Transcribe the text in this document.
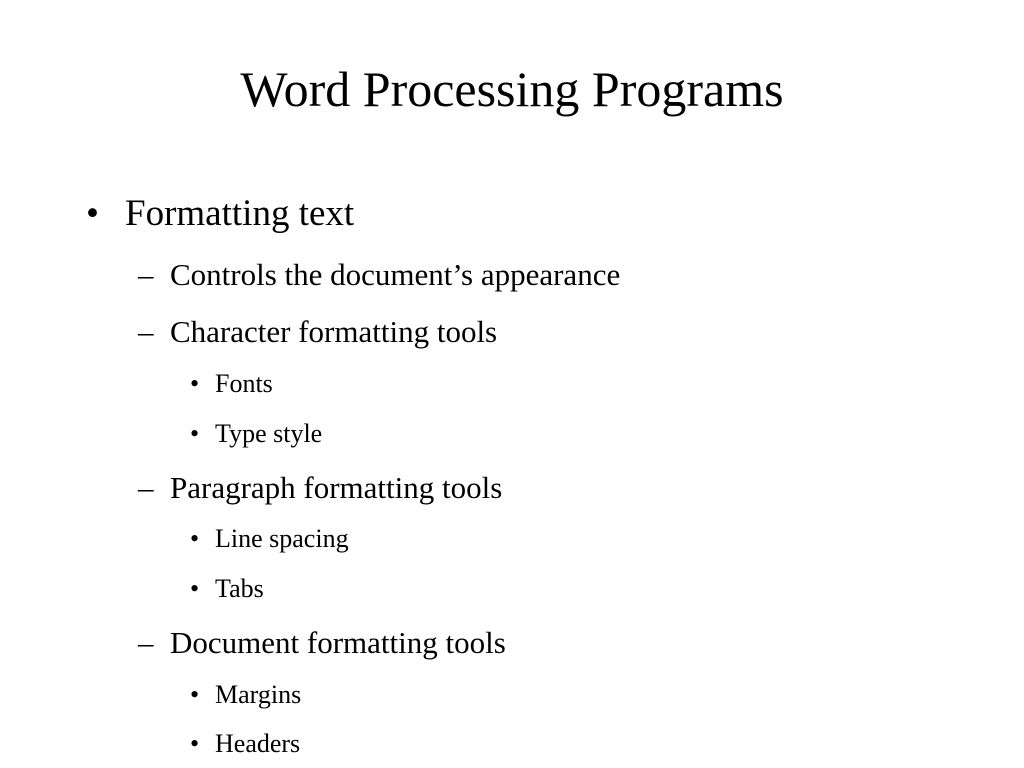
Word Processing Programs
• Formatting text
– Controls the document’s appearance
– Character formatting tools
• Fonts
• Type style
– Paragraph formatting tools
• Line spacing
• Tabs
– Document formatting tools
• Margins
• Headers
